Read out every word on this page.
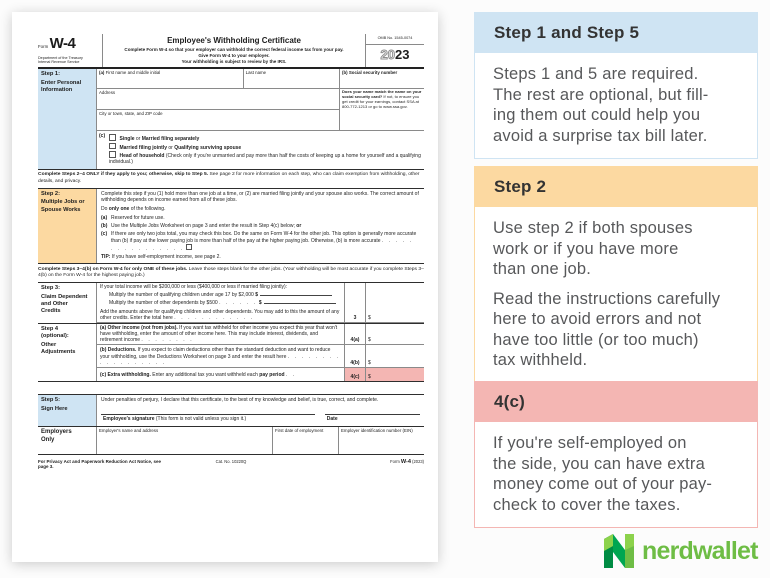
Form W-4
Department of the Treasury
Internal Revenue Service
Employee's Withholding Certificate
Complete Form W-4 so that your employer can withhold the correct federal income tax from your pay.
Give Form W-4 to your employer.
Your withholding is subject to review by the IRS.
OMB No. 1545-0074
2023
Step 1:
Enter Personal Information
(a) First name and middle initial	Last name	(b) Social security number
Address
City or town, state, and ZIP code
Does your name match the name on your social security card? If not, to ensure you get credit for your earnings, contact SSA at 800-772-1213 or go to www.ssa.gov.
(c)	Single or Married filing separately
Married filing jointly or Qualifying surviving spouse
Head of household (Check only if you're unmarried and pay more than half the costs of keeping up a home for yourself and a qualifying individual.)
Complete Steps 2–4 ONLY if they apply to you; otherwise, skip to Step 5. See page 2 for more information on each step, who can claim exemption from withholding, other details, and privacy.
Step 2:
Multiple Jobs or Spouse Works

Complete this step if you (1) hold more than one job at a time, or (2) are married filing jointly and your spouse also works. The correct amount of withholding depends on income earned from all of these jobs.

Do only one of the following.

(a) Reserved for future use.
(b) Use the Multiple Jobs Worksheet on page 3 and enter the result in Step 4(c) below; or
(c) If there are only two jobs total, you may check this box. Do the same on Form W-4 for the other job. This option is generally more accurate than (b) if pay at the lower paying job is more than half of the pay at the higher paying job. Otherwise, (b) is more accurate . . . . . . . . . . . . . . . .
TIP: If you have self-employment income, see page 2.
Complete Steps 3–4(b) on Form W-4 for only ONE of these jobs. Leave those steps blank for the other jobs. (Your withholding will be most accurate if you complete Steps 3–4(b) on the Form W-4 for the highest paying job.)
Step 3:
Claim Dependent and Other Credits
If your total income will be $200,000 or less ($400,000 or less if married filing jointly):
Multiply the number of qualifying children under age 17 by $2,000 $
Multiply the number of other dependents by $500 . . . . . . $
Add the amounts above for qualifying children and other dependents. You may add to this the amount of any other credits. Enter the total here . . . . . . . . . . . .	3	$
Step 4
(optional):
Other Adjustments
(a) Other income (not from jobs). If you want tax withheld for other income you expect this year that won't have withholding, enter the amount of other income here. This may include interest, dividends, and retirement income . . . . . . . .	4(a)	$
(b) Deductions. If you expect to claim deductions other than the standard deduction and want to reduce your withholding, use the Deductions Worksheet on page 3 and enter the result here . . . . . . . . . . . . . . . . . .	4(b)	$
(c) Extra withholding. Enter any additional tax you want withheld each pay period . .	4(c)	$
Step 5:
Sign Here
Under penalties of perjury, I declare that this certificate, to the best of my knowledge and belief, is true, correct, and complete.
Employee's signature (This form is not valid unless you sign it.)	Date
Employers Only
Employer's name and address	First date of employment	Employer identification number (EIN)
For Privacy Act and Paperwork Reduction Act Notice, see page 3.
Cat. No. 10220Q	Form W-4 (2023)
Step 1 and Step 5
Steps 1 and 5 are required.
The rest are optional, but fill-
ing them out could help you
avoid a surprise tax bill later.
Step 2
Use step 2 if both spouses
work or if you have more
than one job.
Read the instructions carefully
here to avoid errors and not
have too little (or too much)
tax withheld.
4(c)
If you're self-employed on
the side, you can have extra
money come out of your pay-
check to cover the taxes.
nerdwallet
